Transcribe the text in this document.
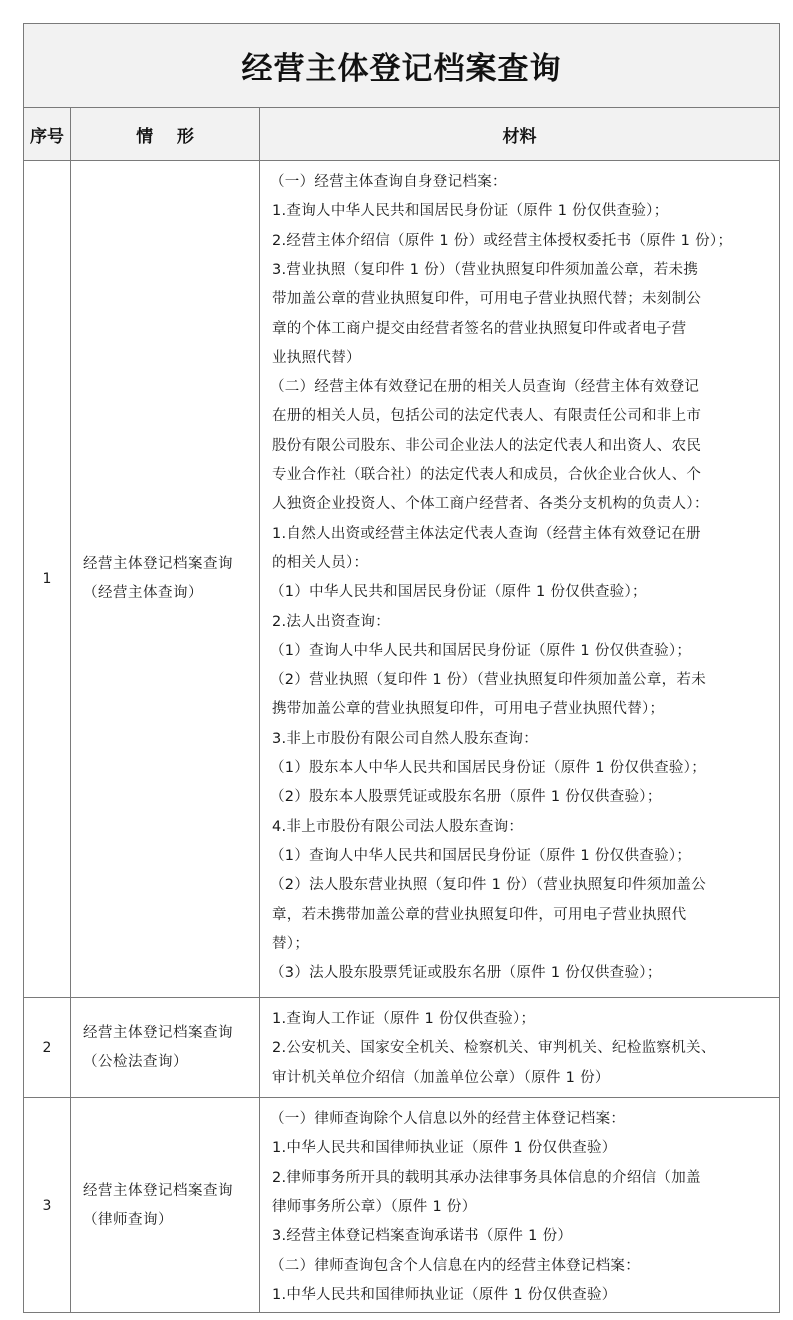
经营主体登记档案查询
序号	情    形	材料
1
经营主体登记档案查询（经营主体查询）
（一）经营主体查询自身登记档案：
1.查询人中华人民共和国居民身份证（原件 1 份仅供查验）；
2.经营主体介绍信（原件 1 份）或经营主体授权委托书（原件 1 份）；
3.营业执照（复印件 1 份）（营业执照复印件须加盖公章，若未携
带加盖公章的营业执照复印件，可用电子营业执照代替；未刻制公
章的个体工商户提交由经营者签名的营业执照复印件或者电子营
业执照代替）
（二）经营主体有效登记在册的相关人员查询（经营主体有效登记
在册的相关人员，包括公司的法定代表人、有限责任公司和非上市
股份有限公司股东、非公司企业法人的法定代表人和出资人、农民
专业合作社（联合社）的法定代表人和成员，合伙企业合伙人、个
人独资企业投资人、个体工商户经营者、各类分支机构的负责人）：
1.自然人出资或经营主体法定代表人查询（经营主体有效登记在册
的相关人员）：
（1）中华人民共和国居民身份证（原件 1 份仅供查验）；
2.法人出资查询：
（1）查询人中华人民共和国居民身份证（原件 1 份仅供查验）；
（2）营业执照（复印件 1 份）（营业执照复印件须加盖公章，若未
携带加盖公章的营业执照复印件，可用电子营业执照代替）；
3.非上市股份有限公司自然人股东查询：
（1）股东本人中华人民共和国居民身份证（原件 1 份仅供查验）；
（2）股东本人股票凭证或股东名册（原件 1 份仅供查验）；
4.非上市股份有限公司法人股东查询：
（1）查询人中华人民共和国居民身份证（原件 1 份仅供查验）；
（2）法人股东营业执照（复印件 1 份）（营业执照复印件须加盖公
章，若未携带加盖公章的营业执照复印件，可用电子营业执照代
替）；
（3）法人股东股票凭证或股东名册（原件 1 份仅供查验）；
2
经营主体登记档案查询（公检法查询）
1.查询人工作证（原件 1 份仅供查验）；
2.公安机关、国家安全机关、检察机关、审判机关、纪检监察机关、
审计机关单位介绍信（加盖单位公章）（原件 1 份）
3
经营主体登记档案查询（律师查询）
（一）律师查询除个人信息以外的经营主体登记档案：
1.中华人民共和国律师执业证（原件 1 份仅供查验）
2.律师事务所开具的载明其承办法律事务具体信息的介绍信（加盖
律师事务所公章）（原件 1 份）
3.经营主体登记档案查询承诺书（原件 1 份）
（二）律师查询包含个人信息在内的经营主体登记档案：
1.中华人民共和国律师执业证（原件 1 份仅供查验）
